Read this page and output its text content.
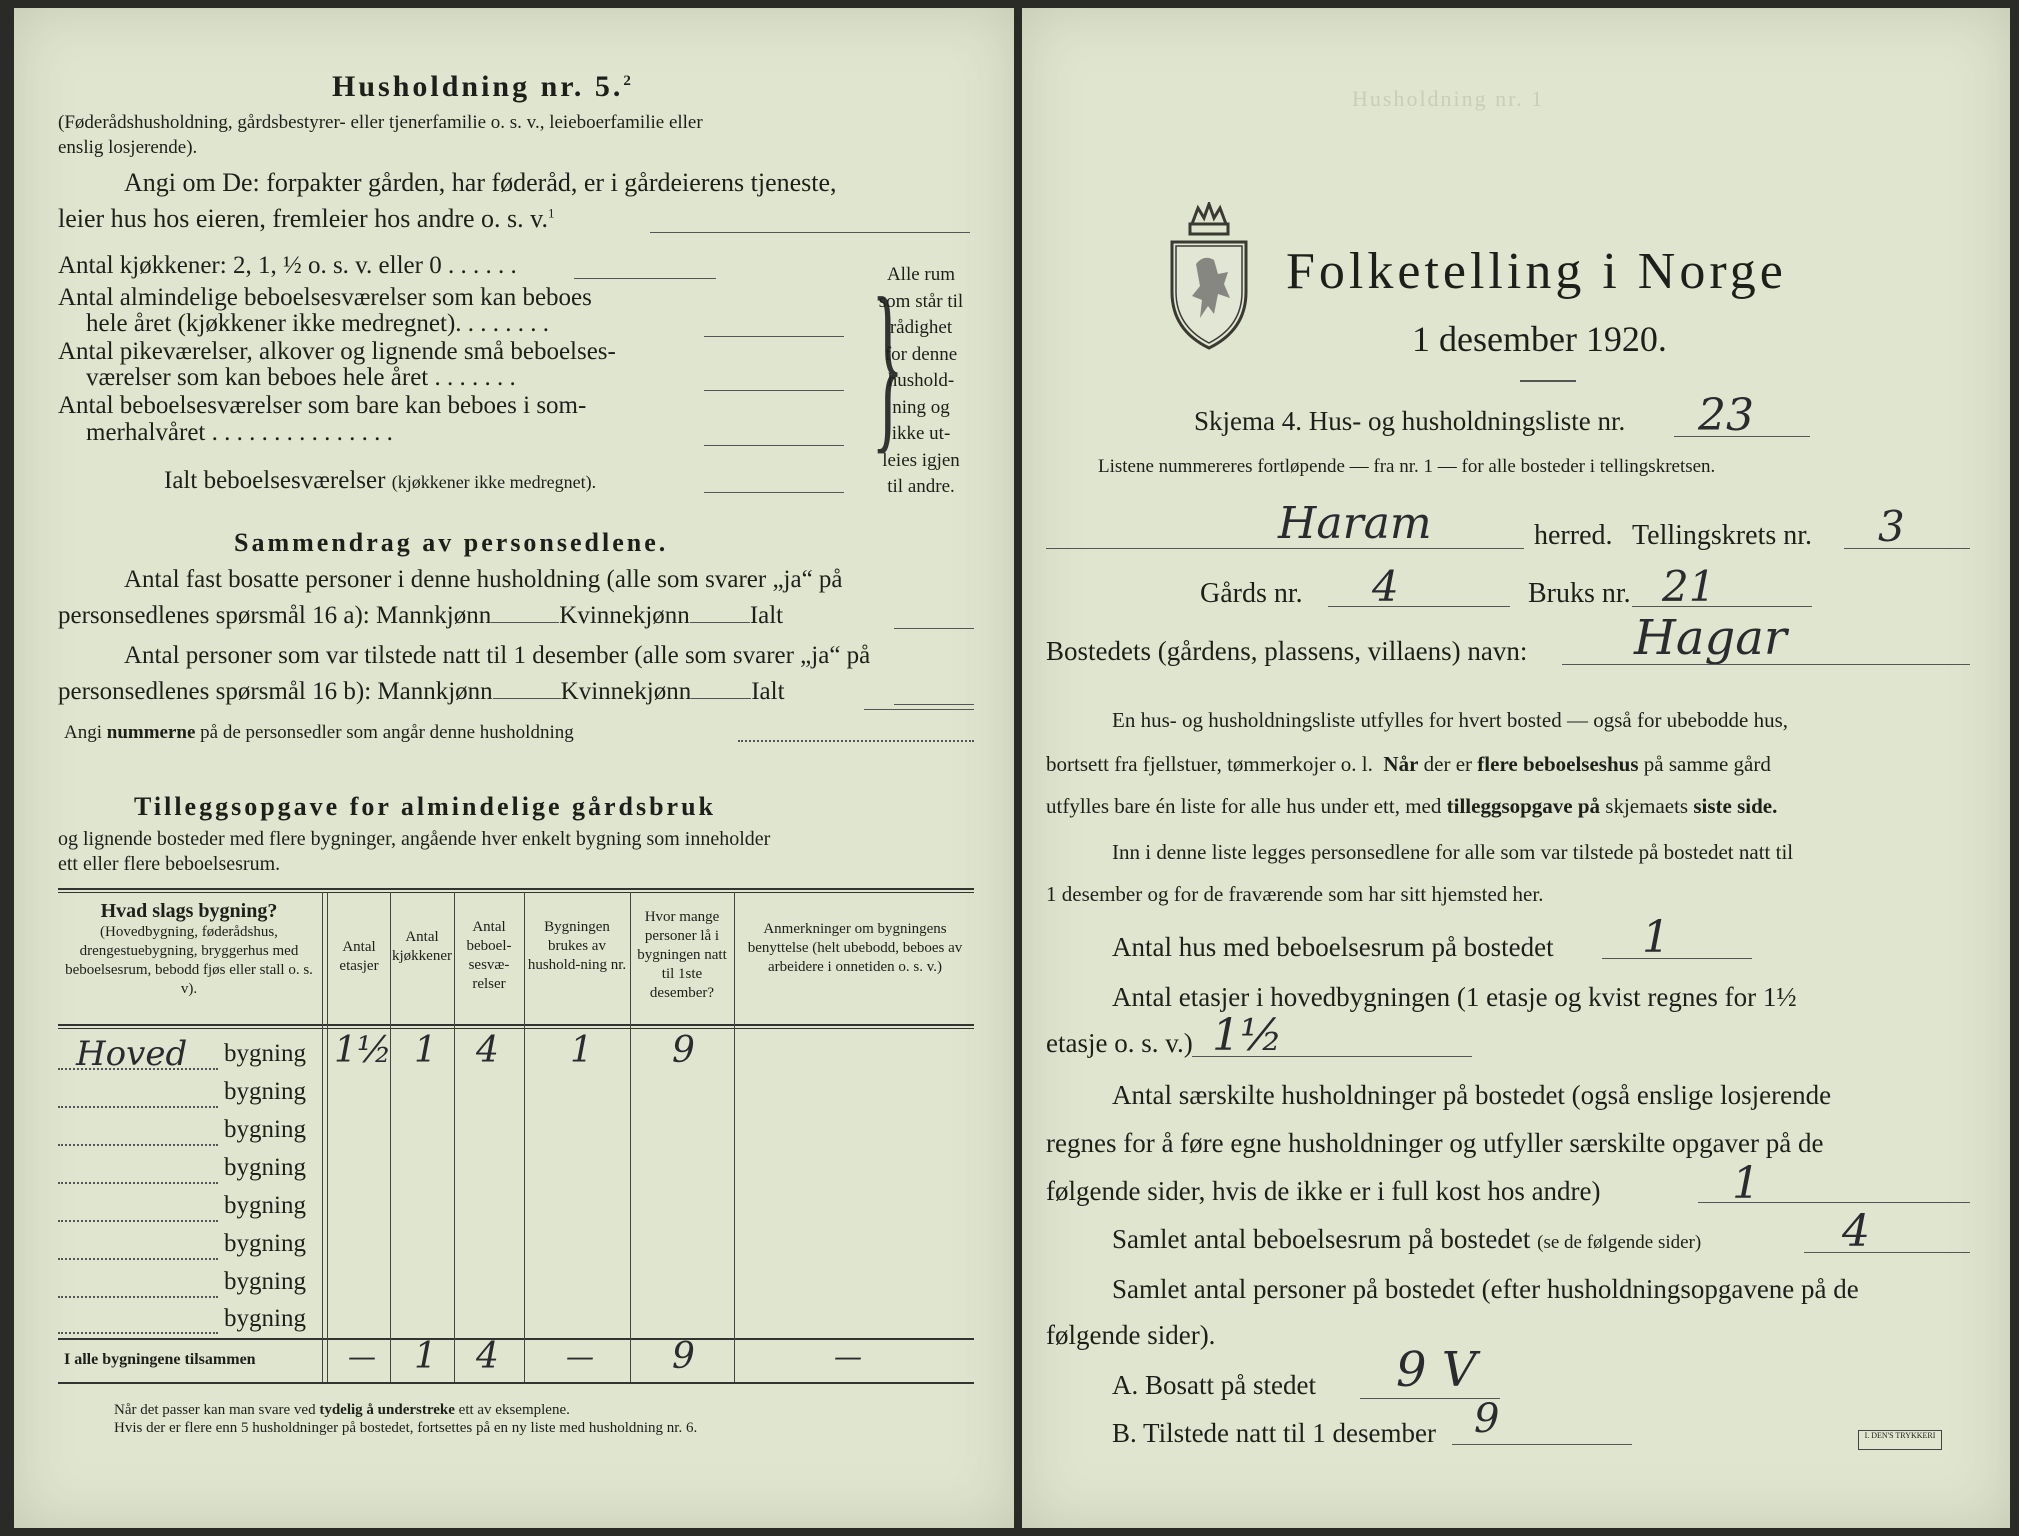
Husholdning nr. 5.$^2$
(Føderådshusholdning, gårdsbestyrer- eller tjenerfamilie o. s. v., leieboerfamilie eller
enslig losjerende).
Angi om De: forpakter gården, har føderåd, er i gårdeierens tjeneste,
leier hus hos eieren, fremleier hos andre o. s. v.$^1$
Antal kjøkkener: 2, 1, ½ o. s. v. eller 0 . . . . . .
Antal almindelige beboelsesværelser som kan beboes
hele året (kjøkkener ikke medregnet). . . . . . . .
Antal pikeværelser, alkover og lignende små beboelses-
værelser som kan beboes hele året . . . . . . .
Antal beboelsesværelser som bare kan beboes i som-
merhalvåret . . . . . . . . . . . . . . .
Ialt beboelsesværelser (kjøkkener ikke medregnet).
}
Alle rum
som står til
rådighet
for denne
hushold-
ning og
ikke ut-
leies igjen
til andre.
Sammendrag av personsedlene.
Antal fast bosatte personer i denne husholdning (alle som svarer „ja“ på
personsedlenes spørsmål 16 a): Mannkjønn	Kvinnekjønn Ialt
Antal personer som var tilstede natt til 1 desember (alle som svarer „ja“ på
personsedlenes spørsmål 16 b): Mannkjønn	Kvinnekjønn Ialt
Angi nummerne på de personsedler som angår denne husholdning
Tilleggsopgave for almindelige gårdsbruk
og lignende bosteder med flere bygninger, angående hver enkelt bygning som inneholder
ett eller flere beboelsesrum.
Hvad slags bygning?
(Hovedbygning, føderådshus, drengestuebygning, bryggerhus med beboelsesrum, bebodd fjøs eller stall o. s. v).
Antal etasjer
Antal kjøkkener
Antal beboel-sesvæ-relser
Bygningen brukes av hushold-ning nr.
Hvor mange personer lå i bygningen natt til 1ste desember?
Anmerkninger om bygningens benyttelse (helt ubebodd, beboes av arbeidere i onnetiden o. s. v.)
Hoved bygning 1½ 1 4 1 9
bygning
bygning
bygning
bygning
bygning
bygning
bygning
I alle bygningene tilsammen	— 1 4 — 9	—
Når det passer kan man svare ved tydelig å understreke ett av eksemplene.
Hvis der er flere enn 5 husholdninger på bostedet, fortsettes på en ny liste med husholdning nr. 6.
Husholdning nr. 1
Folketelling i Norge
1 desember 1920.
Skjema 4. Hus- og husholdningsliste nr. 23
Listene nummereres fortløpende — fra nr. 1 — for alle bosteder i tellingskretsen.
Haram	herred. Tellingskrets nr. 3
Gårds nr. 4	Bruks nr. 21
Bostedets (gårdens, plassens, villaens) navn: Hagar
En hus- og husholdningsliste utfylles for hvert bosted — også for ubebodde hus,
bortsett fra fjellstuer, tømmerkojer o. l. Når der er flere beboelseshus på samme gård
utfylles bare én liste for alle hus under ett, med tilleggsopgave på skjemaets siste side.
Inn i denne liste legges personsedlene for alle som var tilstede på bostedet natt til
1 desember og for de fraværende som har sitt hjemsted her.
Antal hus med beboelsesrum på bostedet 1
Antal etasjer i hovedbygningen (1 etasje og kvist regnes for 1½
etasje o. s. v.) 1½
Antal særskilte husholdninger på bostedet (også enslige losjerende
regnes for å føre egne husholdninger og utfyller særskilte opgaver på de
følgende sider, hvis de ikke er i full kost hos andre)	1
Samlet antal beboelsesrum på bostedet (se de følgende sider)	4
Samlet antal personer på bostedet (efter husholdningsopgavene på de
følgende sider).
A. Bosatt på stedet 9 V
B. Tilstede natt til 1 desember 9	I. DEN'S TRYKKERI
